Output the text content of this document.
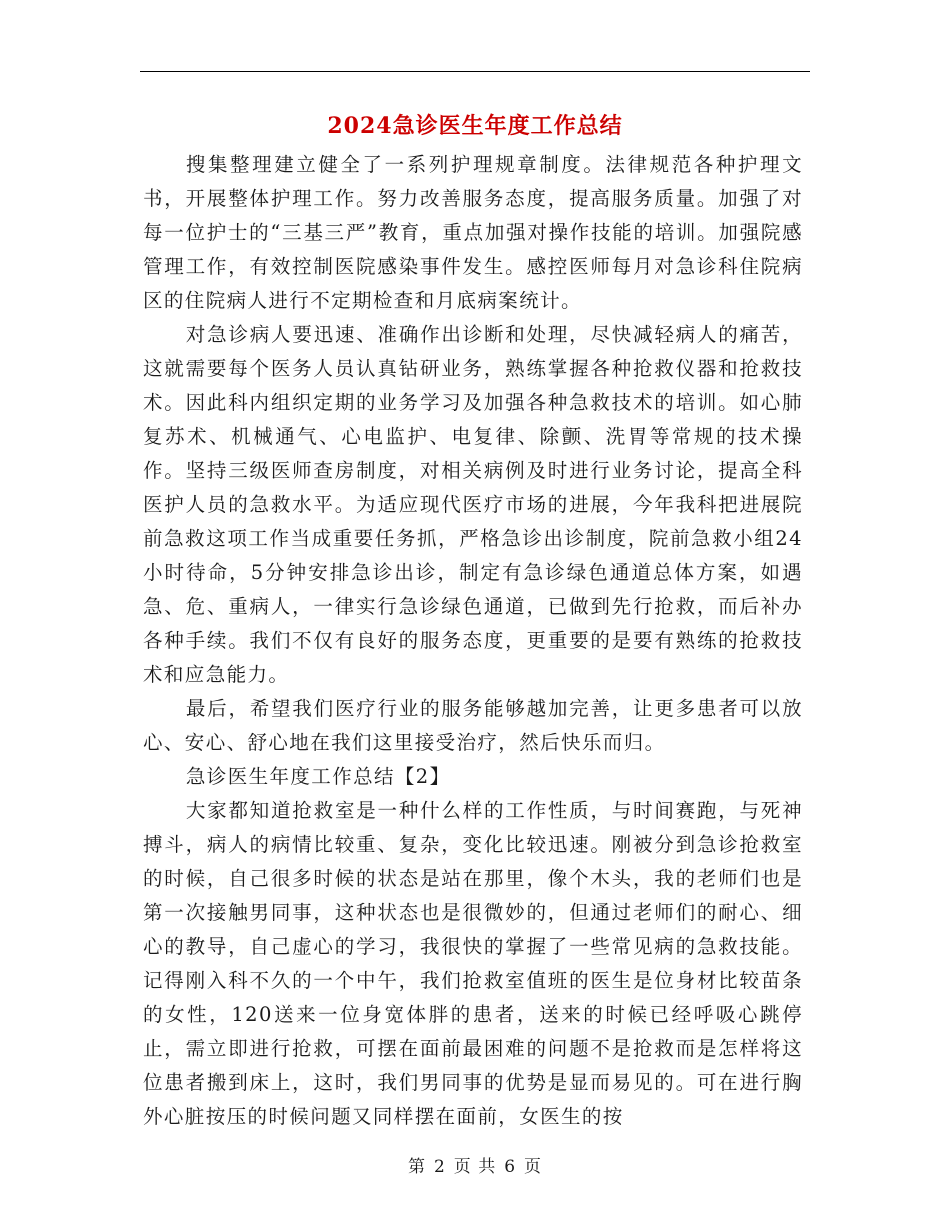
2024急诊医生年度工作总结

搜集整理建立健全了一系列护理规章制度。法律规范各种护理文书，开展整体护理工作。努力改善服务态度，提高服务质量。加强了对每一位护士的“三基三严”教育，重点加强对操作技能的培训。加强院感管理工作，有效控制医院感染事件发生。感控医师每月对急诊科住院病区的住院病人进行不定期检查和月底病案统计。

对急诊病人要迅速、准确作出诊断和处理，尽快减轻病人的痛苦，这就需要每个医务人员认真钻研业务，熟练掌握各种抢救仪器和抢救技术。因此科内组织定期的业务学习及加强各种急救技术的培训。如心肺复苏术、机械通气、心电监护、电复律、除颤、洗胃等常规的技术操作。坚持三级医师查房制度，对相关病例及时进行业务讨论，提高全科医护人员的急救水平。为适应现代医疗市场的进展，今年我科把进展院前急救这项工作当成重要任务抓，严格急诊出诊制度，院前急救小组24小时待命，5分钟安排急诊出诊，制定有急诊绿色通道总体方案，如遇急、危、重病人，一律实行急诊绿色通道，已做到先行抢救，而后补办各种手续。我们不仅有良好的服务态度，更重要的是要有熟练的抢救技术和应急能力。

最后，希望我们医疗行业的服务能够越加完善，让更多患者可以放心、安心、舒心地在我们这里接受治疗，然后快乐而归。

急诊医生年度工作总结【2】

大家都知道抢救室是一种什么样的工作性质，与时间赛跑，与死神搏斗，病人的病情比较重、复杂，变化比较迅速。刚被分到急诊抢救室的时候，自己很多时候的状态是站在那里，像个木头，我的老师们也是第一次接触男同事，这种状态也是很微妙的，但通过老师们的耐心、细心的教导，自己虚心的学习，我很快的掌握了一些常见病的急救技能。记得刚入科不久的一个中午，我们抢救室值班的医生是位身材比较苗条的女性，120送来一位身宽体胖的患者，送来的时候已经呼吸心跳停止，需立即进行抢救，可摆在面前最困难的问题不是抢救而是怎样将这位患者搬到床上，这时，我们男同事的优势是显而易见的。可在进行胸外心脏按压的时候问题又同样摆在面前，女医生的按

第 2 页 共 6 页
